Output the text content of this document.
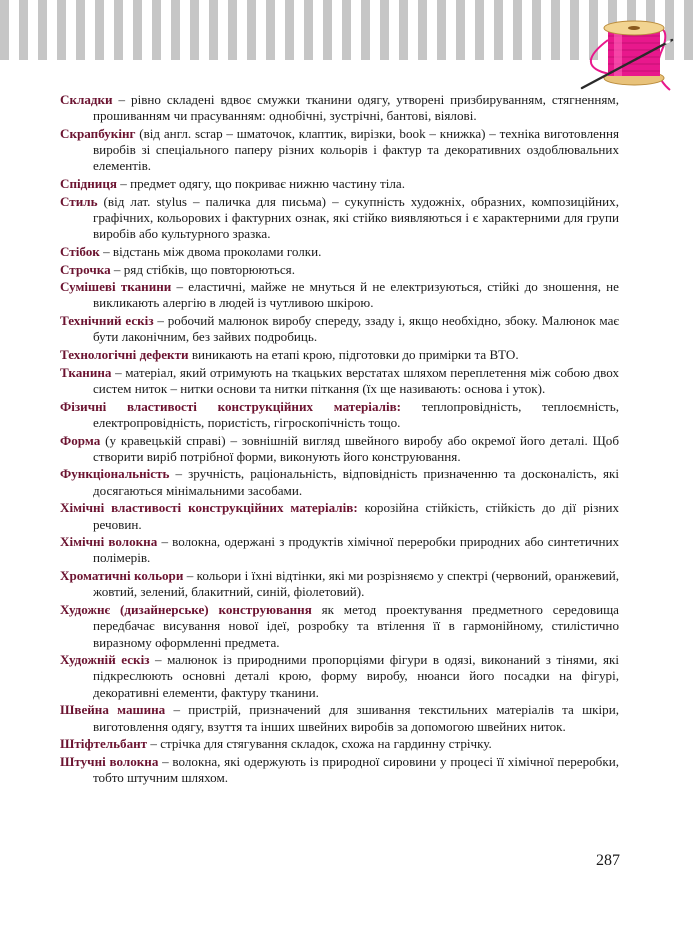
Складки – рівно складені вдвоє смужки тканини одягу, утворені призбируванням, стягненням, прошиванням чи прасуванням: однобічні, зустрічні, бантові, віялові.

Скрапбукінг (від англ. scrap – шматочок, клаптик, вирізки, book – книжка) – техніка виготовлення виробів зі спеціального паперу різних кольорів і фактур та декоративних оздоблювальних елементів.

Спідниця – предмет одягу, що покриває нижню частину тіла.

Стиль (від лат. stylus – паличка для письма) – сукупність художніх, образних, композиційних, графічних, кольорових і фактурних ознак, які стійко виявляються і є характерними для групи виробів або культурного зразка.

Стібок – відстань між двома проколами голки.

Строчка – ряд стібків, що повторюються.

Сумішеві тканини – еластичні, майже не мнуться й не електризуються, стійкі до зношення, не викликають алергію в людей із чутливою шкірою.

Технічний ескіз – робочий малюнок виробу спереду, ззаду і, якщо необхідно, збоку. Малюнок має бути лаконічним, без зайвих подробиць.

Технологічні дефекти виникають на етапі крою, підготовки до примірки та ВТО.

Тканина – матеріал, який отримують на ткацьких верстатах шляхом переплетення між собою двох систем ниток – нитки основи та нитки піткання (їх ще називають: основа і уток).

Фізичні властивості конструкційних матеріалів: теплопровідність, теплоємність, електропровідність, пористість, гігроскопічність тощо.

Форма (у кравецькій справі) – зовнішній вигляд швейного виробу або окремої його деталі. Щоб створити виріб потрібної форми, виконують його конструювання.

Функціональність – зручність, раціональність, відповідність призначенню та досконалість, які досягаються мінімальними засобами.

Хімічні властивості конструкційних матеріалів: корозійна стійкість, стійкість до дії різних речовин.

Хімічні волокна – волокна, одержані з продуктів хімічної переробки природних або синтетичних полімерів.

Хроматичні кольори – кольори і їхні відтінки, які ми розрізняємо у спектрі (червоний, оранжевий, жовтий, зелений, блакитний, синій, фіолетовий).

Художнє (дизайнерське) конструювання як метод проектування предметного середовища передбачає висування нової ідеї, розробку та втілення її в гармонійному, стилістично виразному оформленні предмета.

Художній ескіз – малюнок із природними пропорціями фігури в одязі, виконаний з тінями, які підкреслюють основні деталі крою, форму виробу, нюанси його посадки на фігурі, декоративні елементи, фактуру тканини.

Швейна машина – пристрій, призначений для зшивання текстильних матеріалів та шкіри, виготовлення одягу, взуття та інших швейних виробів за допомогою швейних ниток.

Штіфтельбант – стрічка для стягування складок, схожа на гардинну стрічку.

Штучні волокна – волокна, які одержують із природної сировини у процесі її хімічної переробки, тобто штучним шляхом.

287
